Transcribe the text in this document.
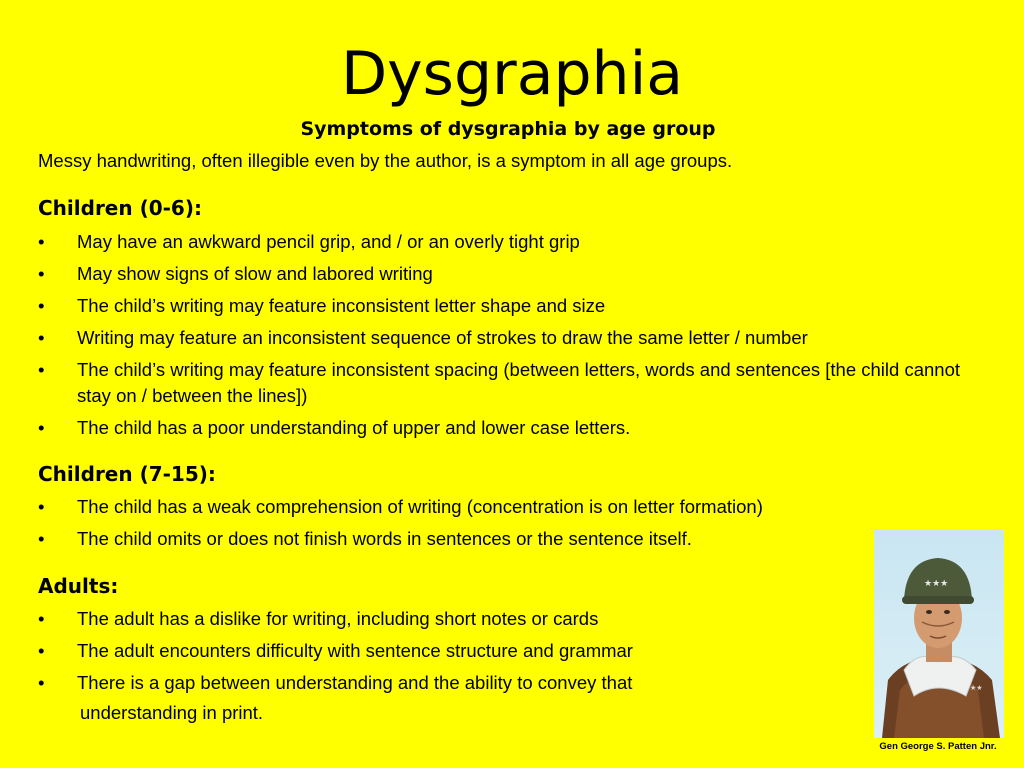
Dysgraphia
Symptoms of dysgraphia by age group
Messy handwriting, often illegible even by the author, is a symptom in all age groups.
Children (0-6):
• May have an awkward pencil grip, and / or an overly tight grip
• May show signs of slow and labored writing
• The child’s writing may feature inconsistent letter shape and size
• Writing may feature an inconsistent sequence of strokes to draw the same letter / number
• The child’s writing may feature inconsistent spacing (between letters, words and sentences [the child cannot stay on / between the lines])
• The child has a poor understanding of upper and lower case letters.
Children (7-15):
• The child has a weak comprehension of writing (concentration is on letter formation)
• The child omits or does not finish words in sentences or the sentence itself.
Adults:
• The adult has a dislike for writing, including short notes or cards
• The adult encounters difficulty with sentence structure and grammar
• There is a gap between understanding and the ability to convey that
understanding in print.
★★★
★★
Gen George S. Patten Jnr.
